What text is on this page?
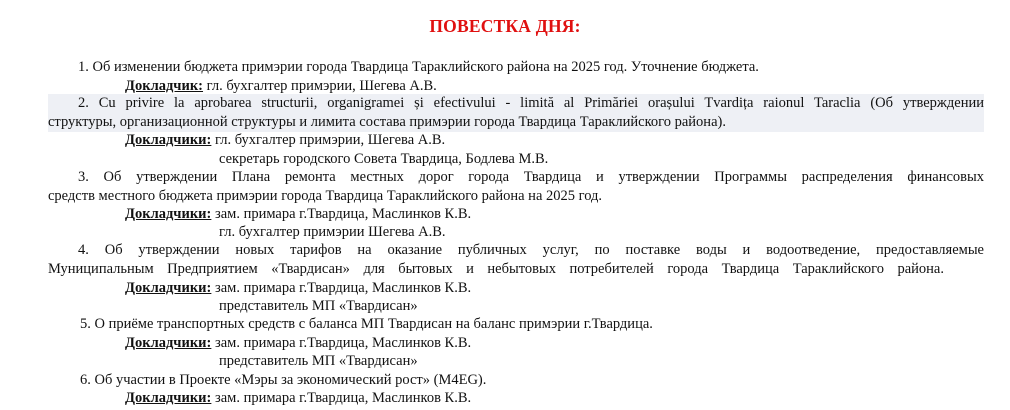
ПОВЕСТКА ДНЯ:
1. Об изменении бюджета примэрии города Твардица Тараклийского района на 2025 год. Уточнение бюджета.
Докладчик: гл. бухгалтер примэрии, Шегева А.В.
2. Cu privire la aprobarea structurii, organigramei și efectivului - limită al Primăriei orașului Tvardița raionul Taraclia (Об утверждении
структуры, организационной структуры и лимита состава примэрии города Твардица Тараклийского района).
Докладчики: гл. бухгалтер примэрии, Шегева А.В.
секретарь городского Совета Твардица, Бодлева М.В.
3. Об утверждении Плана ремонта местных дорог города Твардица и утверждении Программы распределения финансовых
средств местного бюджета примэрии города Твардица Тараклийского района на 2025 год.
Докладчики: зам. примара г.Твардица, Маслинков К.В.
гл. бухгалтер примэрии Шегева А.В.
4. Об утверждении новых тарифов на оказание публичных услуг, по поставке воды и водоотведение, предоставляемые
Муниципальным Предприятием «Твардисан» для бытовых и небытовых потребителей города Твардица Тараклийского района.
Докладчики: зам. примара г.Твардица, Маслинков К.В.
представитель МП «Твардисан»
5. О приёме транспортных средств с баланса МП Твардисан на баланс примэрии г.Твардица.
Докладчики: зам. примара г.Твардица, Маслинков К.В.
представитель МП «Твардисан»
6. Об участии в Проекте «Мэры за экономический рост» (M4EG).
Докладчики: зам. примара г.Твардица, Маслинков К.В.
